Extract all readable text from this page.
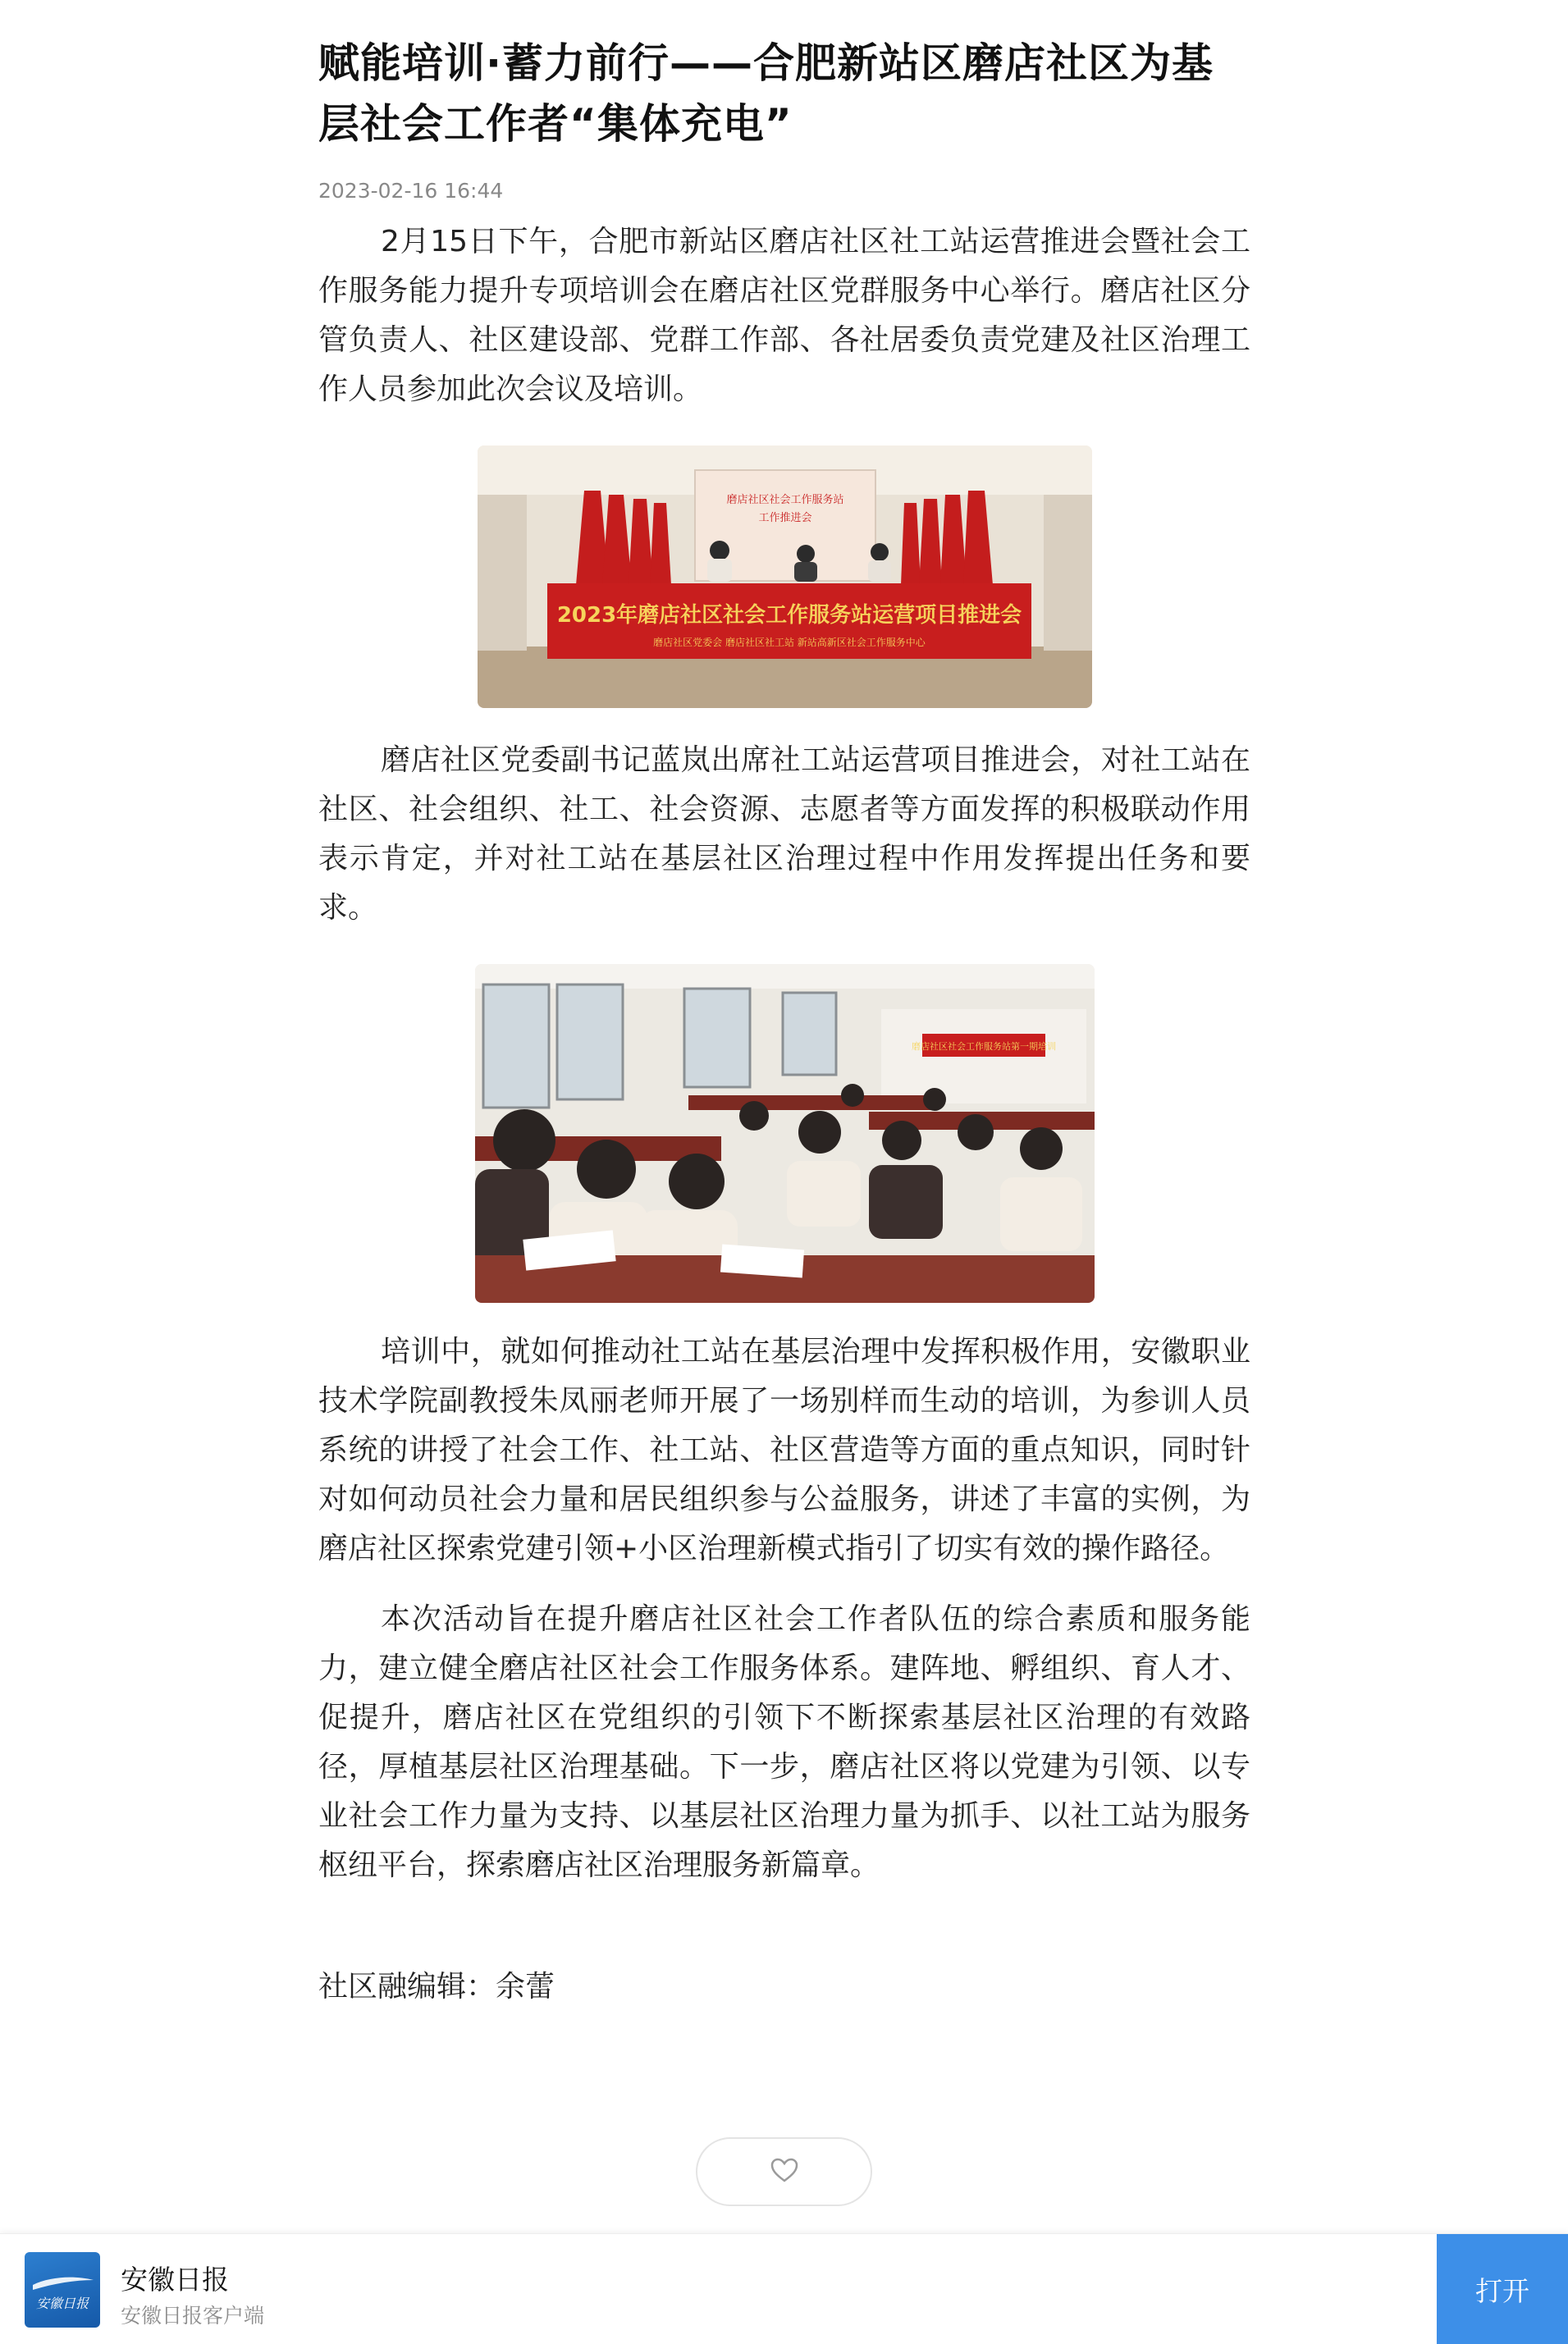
赋能培训·蓄力前行——合肥新站区磨店社区为基层社会工作者“集体充电”
2023-02-16 16:44

2月15日下午，合肥市新站区磨店社区社工站运营推进会暨社会工作服务能力提升专项培训会在磨店社区党群服务中心举行。磨店社区分管负责人、社区建设部、党群工作部、各社居委负责党建及社区治理工作人员参加此次会议及培训。

磨店社区社会工作服务站
工作推进会
2023年磨店社区社会工作服务站运营项目推进会
磨店社区党委会 磨店社区社工站 新站高新区社会工作服务中心

磨店社区党委副书记蓝岚出席社工站运营项目推进会，对社工站在社区、社会组织、社工、社会资源、志愿者等方面发挥的积极联动作用表示肯定，并对社工站在基层社区治理过程中作用发挥提出任务和要求。

磨店社区社会工作服务站第一期培训

培训中，就如何推动社工站在基层治理中发挥积极作用，安徽职业技术学院副教授朱凤丽老师开展了一场别样而生动的培训，为参训人员系统的讲授了社会工作、社工站、社区营造等方面的重点知识，同时针对如何动员社会力量和居民组织参与公益服务，讲述了丰富的实例，为磨店社区探索党建引领+小区治理新模式指引了切实有效的操作路径。

本次活动旨在提升磨店社区社会工作者队伍的综合素质和服务能力，建立健全磨店社区社会工作服务体系。建阵地、孵组织、育人才、促提升，磨店社区在党组织的引领下不断探索基层社区治理的有效路径，厚植基层社区治理基础。下一步，磨店社区将以党建为引领、以专业社会工作力量为支持、以基层社区治理力量为抓手、以社工站为服务枢纽平台，探索磨店社区治理服务新篇章。

社区融编辑：余蕾
安徽日报
安徽日报
安徽日报客户端
打开
